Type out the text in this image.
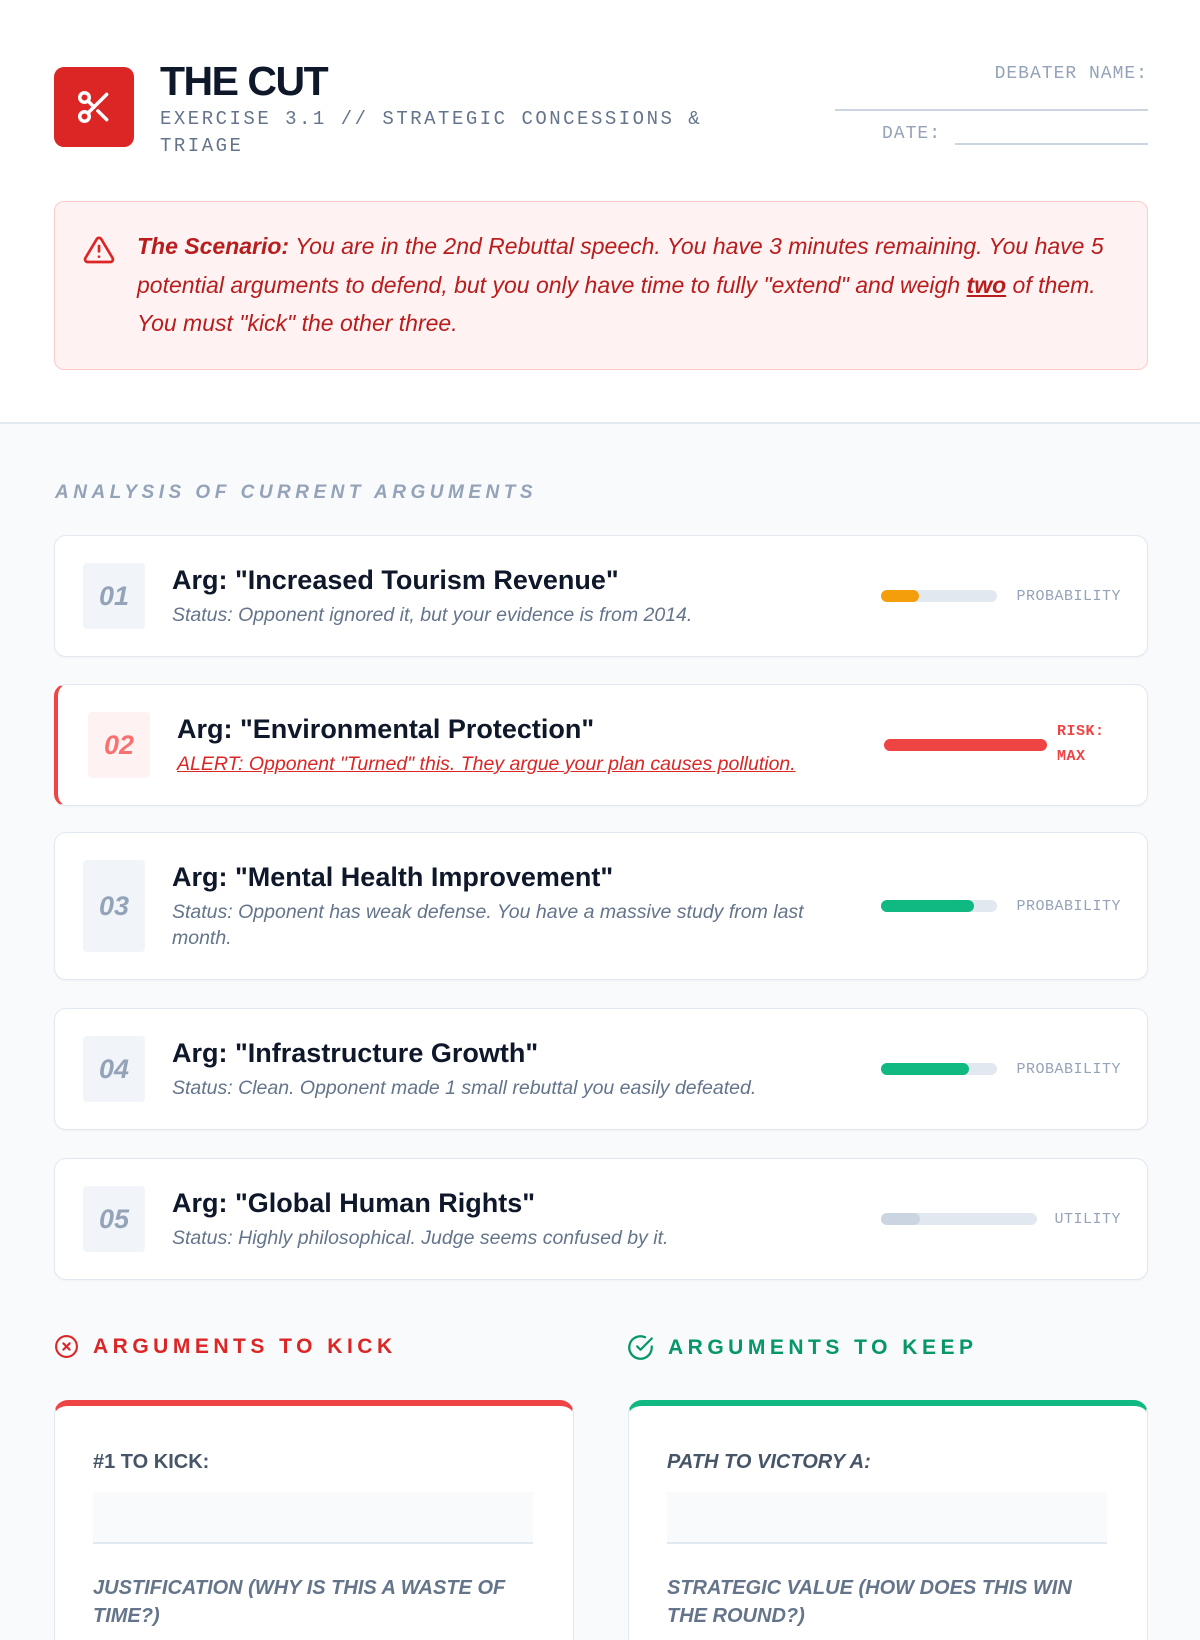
THE CUT
EXERCISE 3.1 // STRATEGIC CONCESSIONS & TRIAGE
DEBATER NAME:
DATE:
The Scenario: You are in the 2nd Rebuttal speech. You have 3 minutes remaining. You have 5 potential arguments to defend, but you only have time to fully "extend" and weigh two of them. You must "kick" the other three.
ANALYSIS OF CURRENT ARGUMENTS
01
Arg: "Increased Tourism Revenue"
Status: Opponent ignored it, but your evidence is from 2014.
PROBABILITY
02
Arg: "Environmental Protection"
ALERT: Opponent "Turned" this. They argue your plan causes pollution.
RISK:
MAX
03
Arg: "Mental Health Improvement"
Status: Opponent has weak defense. You have a massive study from last month.
PROBABILITY
04
Arg: "Infrastructure Growth"
Status: Clean. Opponent made 1 small rebuttal you easily defeated.
PROBABILITY
05
Arg: "Global Human Rights"
Status: Highly philosophical. Judge seems confused by it.
UTILITY
ARGUMENTS TO KICK	ARGUMENTS TO KEEP
#1 TO KICK:
JUSTIFICATION (WHY IS THIS A WASTE OF TIME?)
PATH TO VICTORY A:
STRATEGIC VALUE (HOW DOES THIS WIN THE ROUND?)
